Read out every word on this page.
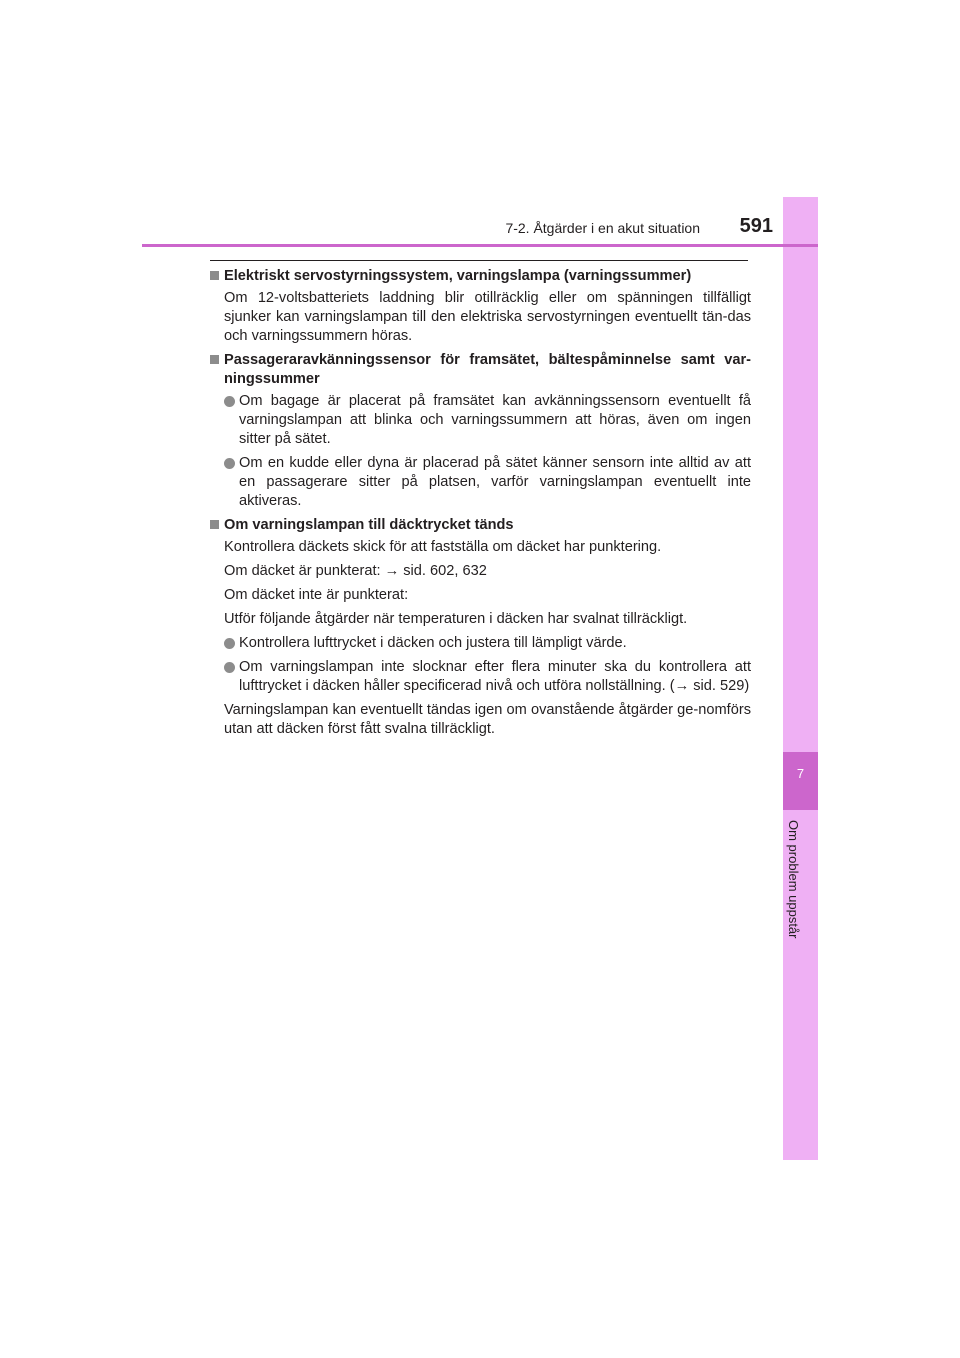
7
Om problem uppstår
7-2. Åtgärder i en akut situation	591
Elektriskt servostyrningssystem, varningslampa (varningssummer)
Om 12-voltsbatteriets laddning blir otillräcklig eller om spänningen tillfälligt sjunker kan varningslampan till den elektriska servostyrningen eventuellt tän-das och varningssummern höras.
Passageraravkänningssensor för framsätet, bältespåminnelse samt var-ningssummer
Om bagage är placerat på framsätet kan avkänningssensorn eventuellt få varningslampan att blinka och varningssummern att höras, även om ingen sitter på sätet.
Om en kudde eller dyna är placerad på sätet känner sensorn inte alltid av att en passagerare sitter på platsen, varför varningslampan eventuellt inte aktiveras.
Om varningslampan till däcktrycket tänds
Kontrollera däckets skick för att fastställa om däcket har punktering.
Om däcket är punkterat: → sid. 602, 632
Om däcket inte är punkterat:
Utför följande åtgärder när temperaturen i däcken har svalnat tillräckligt.
Kontrollera lufttrycket i däcken och justera till lämpligt värde.
Om varningslampan inte slocknar efter flera minuter ska du kontrollera att lufttrycket i däcken håller specificerad nivå och utföra nollställning. (→ sid. 529)
Varningslampan kan eventuellt tändas igen om ovanstående åtgärder ge-nomförs utan att däcken först fått svalna tillräckligt.
